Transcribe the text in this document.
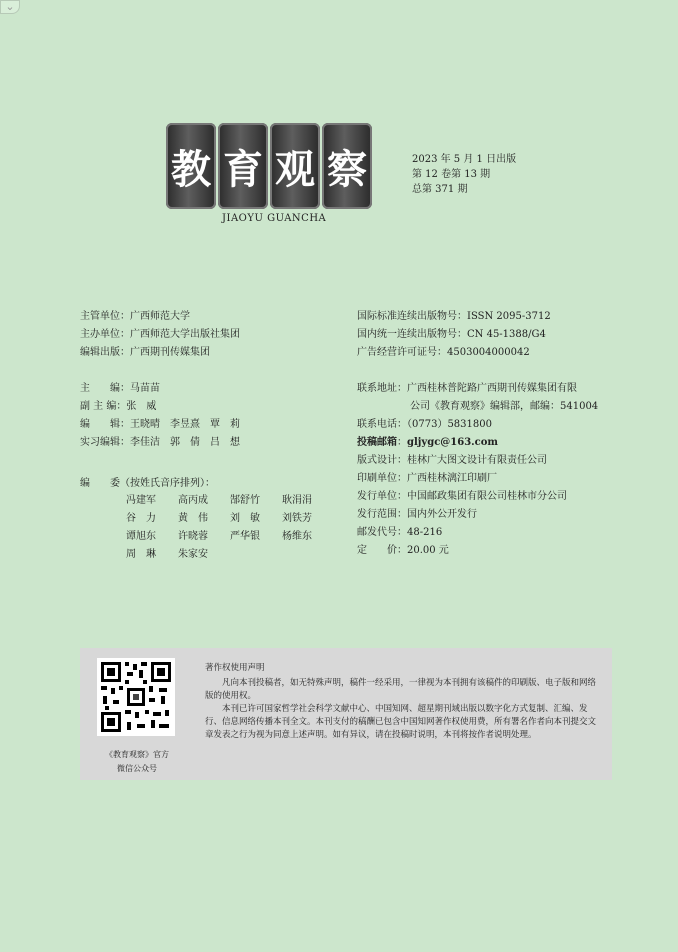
⌄
教 育 观 察
JIAOYU GUANCHA
2023 年 5 月 1 日出版
第 12 卷第 13 期
总第 371 期
主管单位：广西师范大学
主办单位：广西师范大学出版社集团
编辑出版：广西期刊传媒集团
国际标准连续出版物号：ISSN 2095-3712
国内统一连续出版物号：CN 45-1388/G4
广告经营许可证号：4503004000042
主　　编：马苗苗
副 主 编：张　威
编　　辑：王晓晴　李昱熹　覃　莉
实习编辑：李佳洁　郭　倩　吕　想
联系地址：广西桂林普陀路广西期刊传媒集团有限
公司《教育观察》编辑部，邮编：541004
联系电话：（0773）5831800
投稿邮箱：gljygc@163.com
版式设计：桂林广大图文设计有限责任公司
印刷单位：广西桂林漓江印刷厂
发行单位：中国邮政集团有限公司桂林市分公司
发行范围：国内外公开发行
邮发代号：48-216
定　　价：20.00 元
编　　委（按姓氏音序排列）：
冯建军	高丙成	郜舒竹	耿涓涓
谷　力	黄　伟	刘　敏	刘铁芳
谭旭东	许晓蓉	严华银	杨维东
周　琳	朱家安
《教育观察》官方
微信公众号
著作权使用声明

凡向本刊投稿者，如无特殊声明，稿件一经采用，一律视为本刊拥有该稿件的印刷版、电子版和网络版的使用权。

本刊已许可国家哲学社会科学文献中心、中国知网、超星期刊域出版以数字化方式复制、汇编、发行、信息网络传播本刊全文。本刊支付的稿酬已包含中国知网著作权使用费，所有署名作者向本刊提交文章发表之行为视为同意上述声明。如有异议，请在投稿时说明，本刊将按作者说明处理。
